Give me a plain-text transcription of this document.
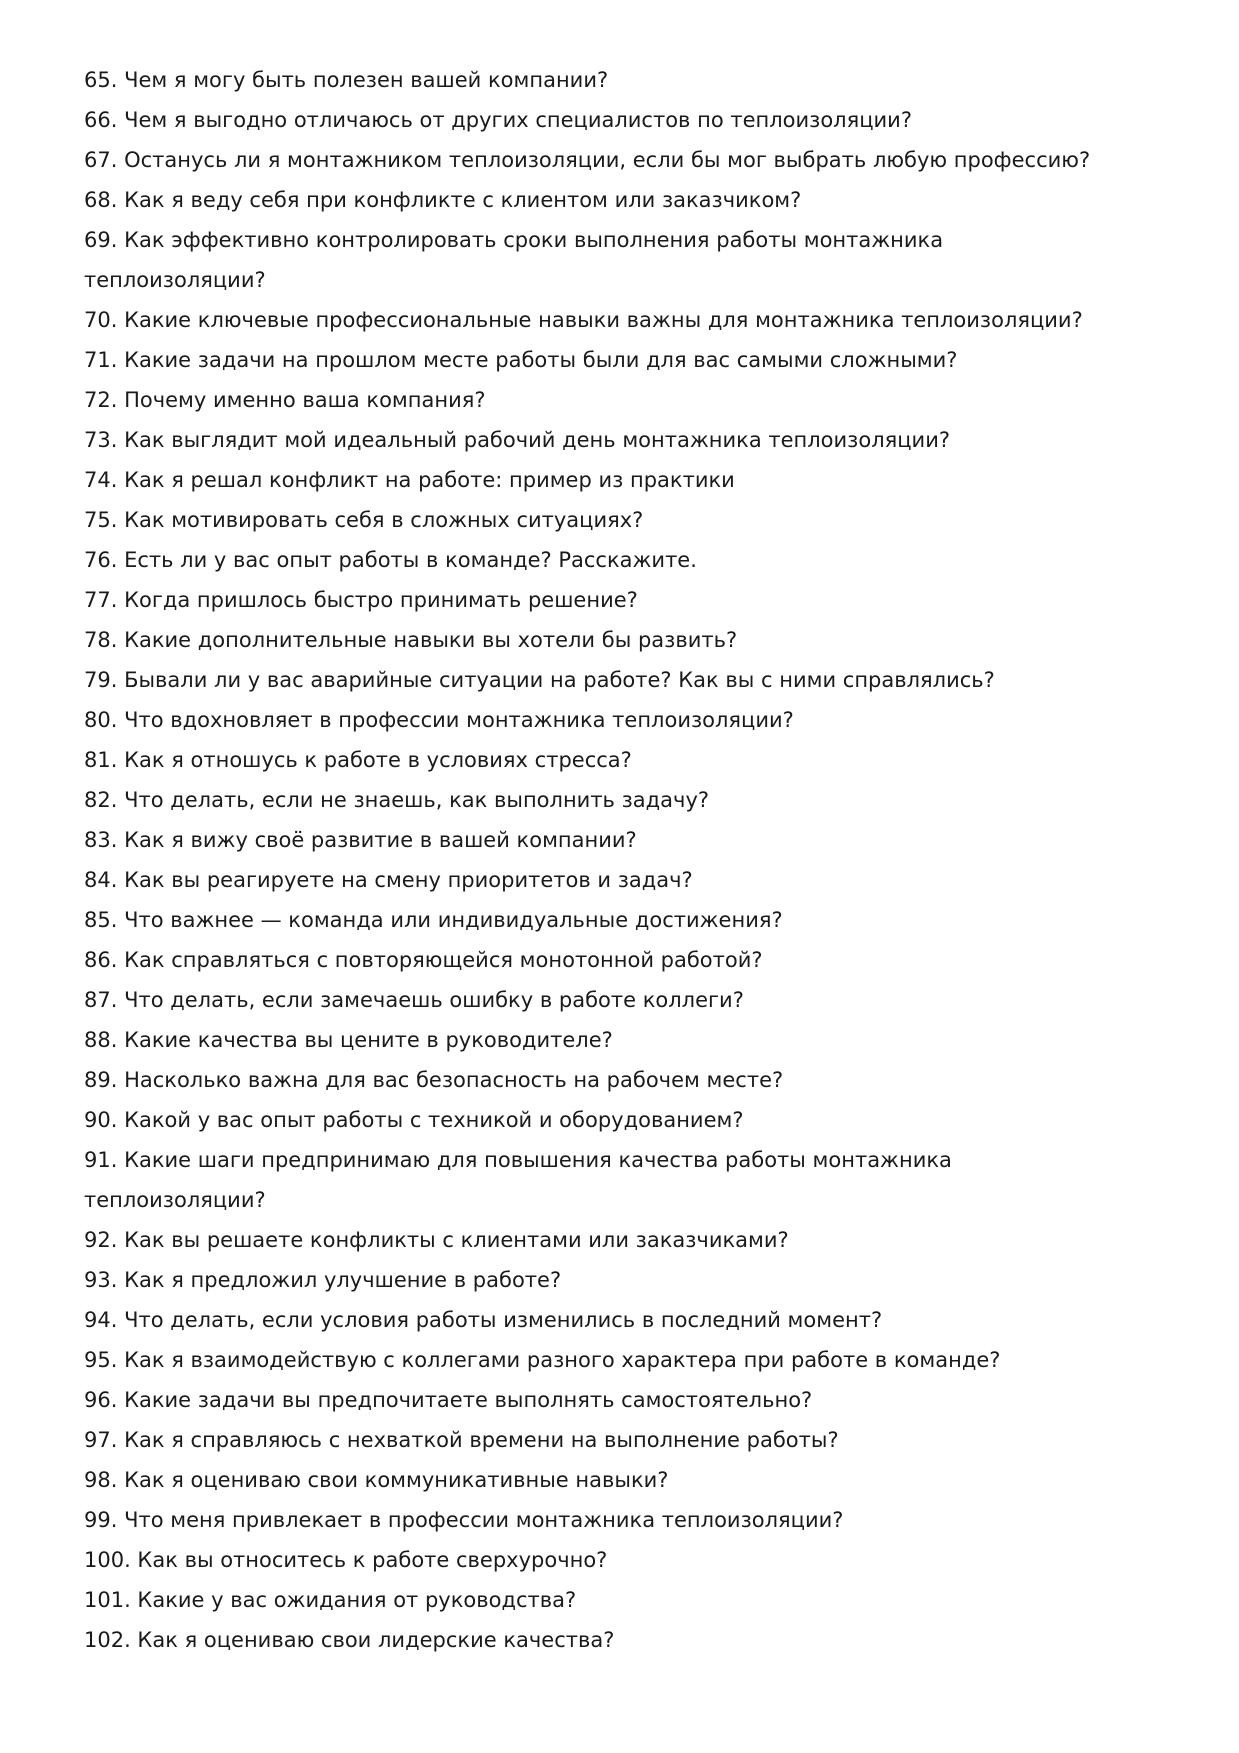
65. Чем я могу быть полезен вашей компании?

66. Чем я выгодно отличаюсь от других специалистов по теплоизоляции?

67. Останусь ли я монтажником теплоизоляции, если бы мог выбрать любую профессию?

68. Как я веду себя при конфликте с клиентом или заказчиком?

69. Как эффективно контролировать сроки выполнения работы монтажника теплоизоляции?

70. Какие ключевые профессиональные навыки важны для монтажника теплоизоляции?

71. Какие задачи на прошлом месте работы были для вас самыми сложными?

72. Почему именно ваша компания?

73. Как выглядит мой идеальный рабочий день монтажника теплоизоляции?

74. Как я решал конфликт на работе: пример из практики

75. Как мотивировать себя в сложных ситуациях?

76. Есть ли у вас опыт работы в команде? Расскажите.

77. Когда пришлось быстро принимать решение?

78. Какие дополнительные навыки вы хотели бы развить?

79. Бывали ли у вас аварийные ситуации на работе? Как вы с ними справлялись?

80. Что вдохновляет в профессии монтажника теплоизоляции?

81. Как я отношусь к работе в условиях стресса?

82. Что делать, если не знаешь, как выполнить задачу?

83. Как я вижу своё развитие в вашей компании?

84. Как вы реагируете на смену приоритетов и задач?

85. Что важнее — команда или индивидуальные достижения?

86. Как справляться с повторяющейся монотонной работой?

87. Что делать, если замечаешь ошибку в работе коллеги?

88. Какие качества вы цените в руководителе?

89. Насколько важна для вас безопасность на рабочем месте?

90. Какой у вас опыт работы с техникой и оборудованием?

91. Какие шаги предпринимаю для повышения качества работы монтажника теплоизоляции?

92. Как вы решаете конфликты с клиентами или заказчиками?

93. Как я предложил улучшение в работе?

94. Что делать, если условия работы изменились в последний момент?

95. Как я взаимодействую с коллегами разного характера при работе в команде?

96. Какие задачи вы предпочитаете выполнять самостоятельно?

97. Как я справляюсь с нехваткой времени на выполнение работы?

98. Как я оцениваю свои коммуникативные навыки?

99. Что меня привлекает в профессии монтажника теплоизоляции?

100. Как вы относитесь к работе сверхурочно?

101. Какие у вас ожидания от руководства?

102. Как я оцениваю свои лидерские качества?
